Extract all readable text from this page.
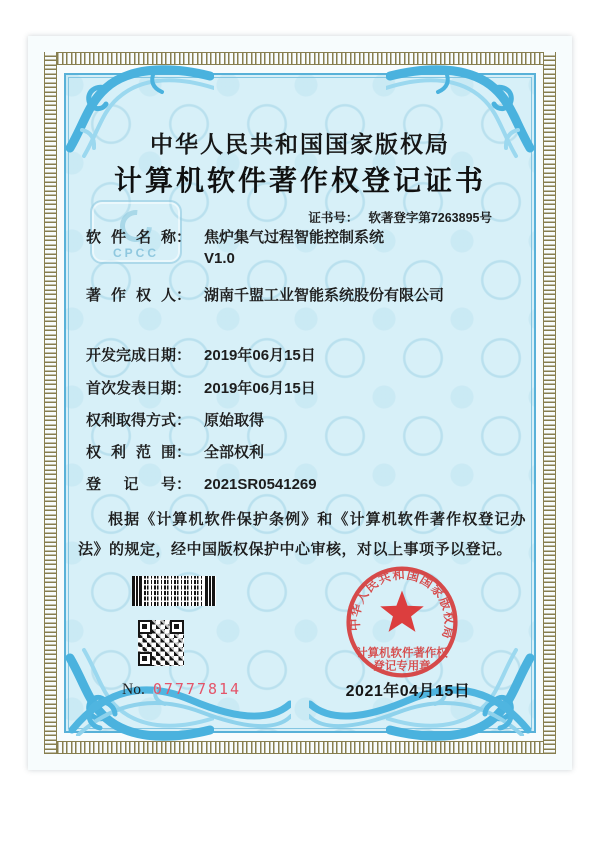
CPCC
中华人民共和国国家版权局
计算机软件著作权登记证书
证书号： 软著登字第7263895号
软件名称 ： 焦炉集气过程智能控制系统
V1.0
著作权人 ： 湖南千盟工业智能系统股份有限公司
开发完成日期 ： 2019年06月15日
首次发表日期 ： 2019年06月15日
权利取得方式 ： 原始取得
权利范围 ： 全部权利
登记号 ： 2021SR0541269
根据《计算机软件保护条例》和《计算机软件著作权登记办法》的规定，经中国版权保护中心审核，对以上事项予以登记。
No. 07777814	2021年04月15日
中华人民共和国国家版权局
计算机软件著作权
登记专用章
